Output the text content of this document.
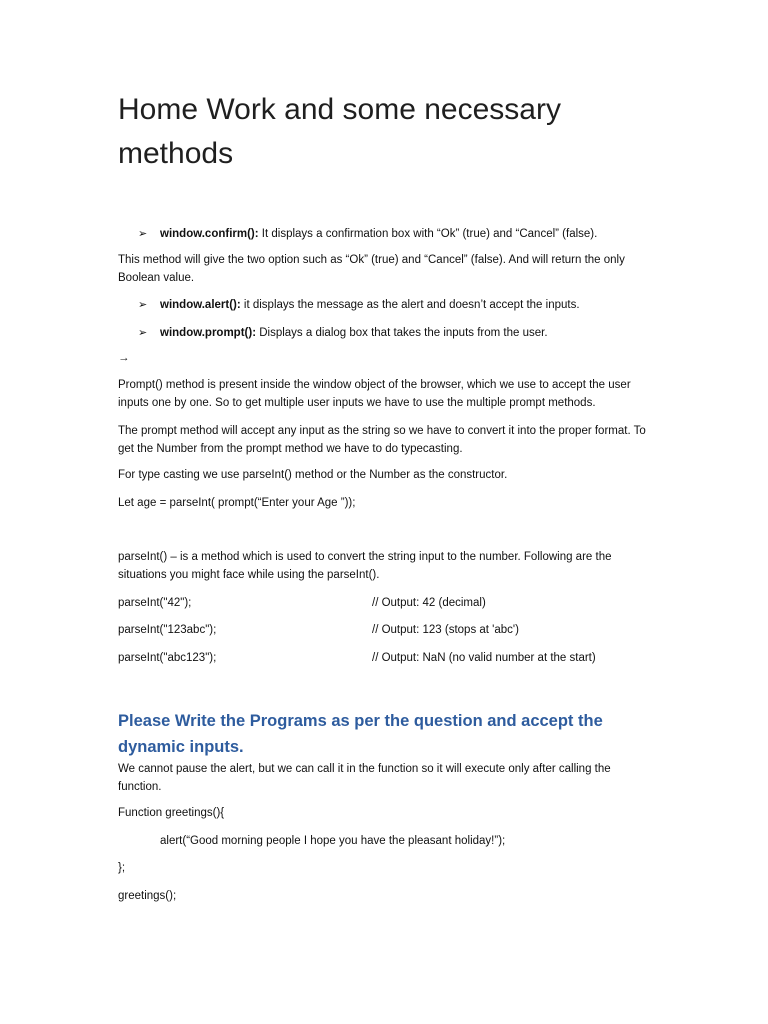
Home Work and some necessary methods
➢	window.confirm(): It displays a confirmation box with “Ok” (true) and “Cancel” (false).

This method will give the two option such as “Ok” (true) and “Cancel” (false). And will return the only Boolean value.

➢	window.alert(): it displays the message as the alert and doesn’t accept the inputs.
➢	window.prompt(): Displays a dialog box that takes the inputs from the user.

→

Prompt() method is present inside the window object of the browser, which we use to accept the user inputs one by one. So to get multiple user inputs we have to use the multiple prompt methods.

The prompt method will accept any input as the string so we have to convert it into the proper format. To get the Number from the prompt method we have to do typecasting.

For type casting we use parseInt() method or the Number as the constructor.

Let age = parseInt( prompt(“Enter your Age ”));

parseInt() – is a method which is used to convert the string input to the number. Following are the situations you might face while using the parseInt().

parseInt("42");	// Output: 42 (decimal)

parseInt("123abc");	// Output: 123 (stops at 'abc')

parseInt("abc123");	// Output: NaN (no valid number at the start)

Please Write the Programs as per the question and accept the dynamic inputs.

We cannot pause the alert, but we can call it in the function so it will execute only after calling the function.

Function greetings(){

alert(“Good morning people I hope you have the pleasant holiday!”);

};

greetings();
